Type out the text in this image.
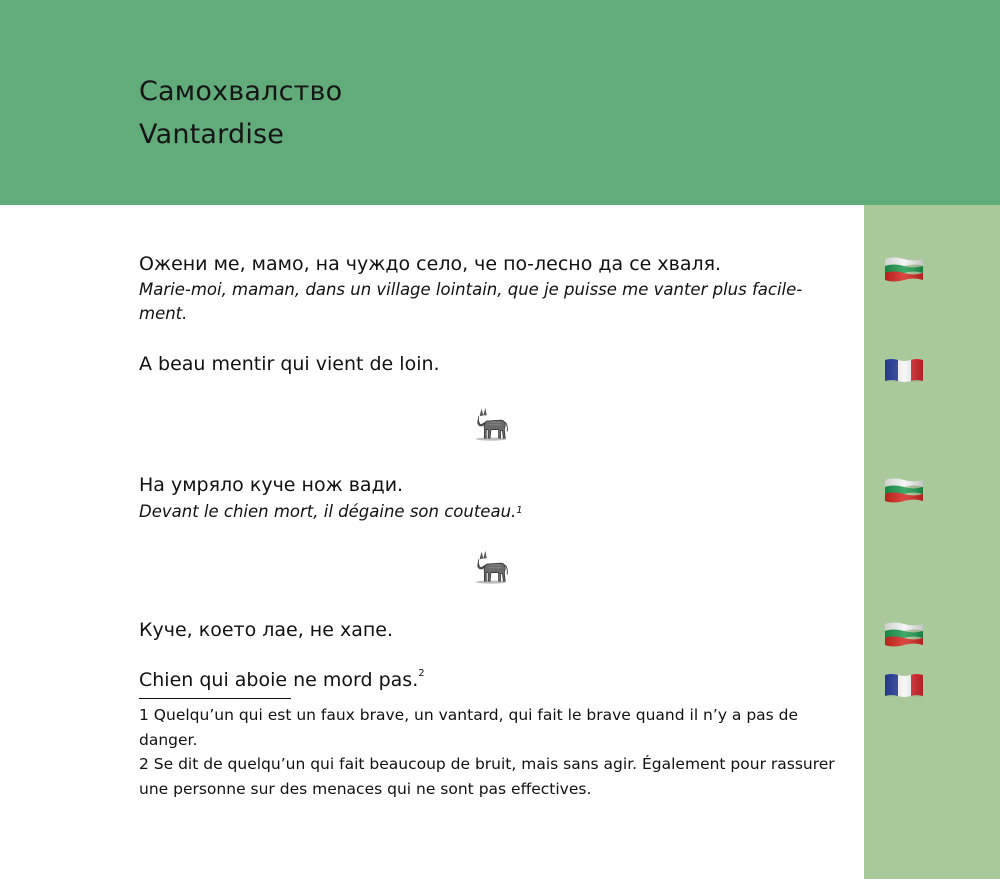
Самохвалство
Vantardise
Ожени ме, мамо, на чуждо село, че по-лесно да се хваля.
Marie-moi, maman, dans un village lointain, que je puisse me vanter plus facile-
ment.
A beau mentir qui vient de loin.
На умряло куче нож вади.
Devant le chien mort, il dégaine son couteau.$^1$
Куче, което лае, не хапе.
Chien qui aboie ne mord pas.$^2$
1 Quelqu’un qui est un faux brave, un vantard, qui fait le brave quand il n’y a pas de danger.
2 Se dit de quelqu’un qui fait beaucoup de bruit, mais sans agir. Également pour rassurer une personne sur des menaces qui ne sont pas effectives.
